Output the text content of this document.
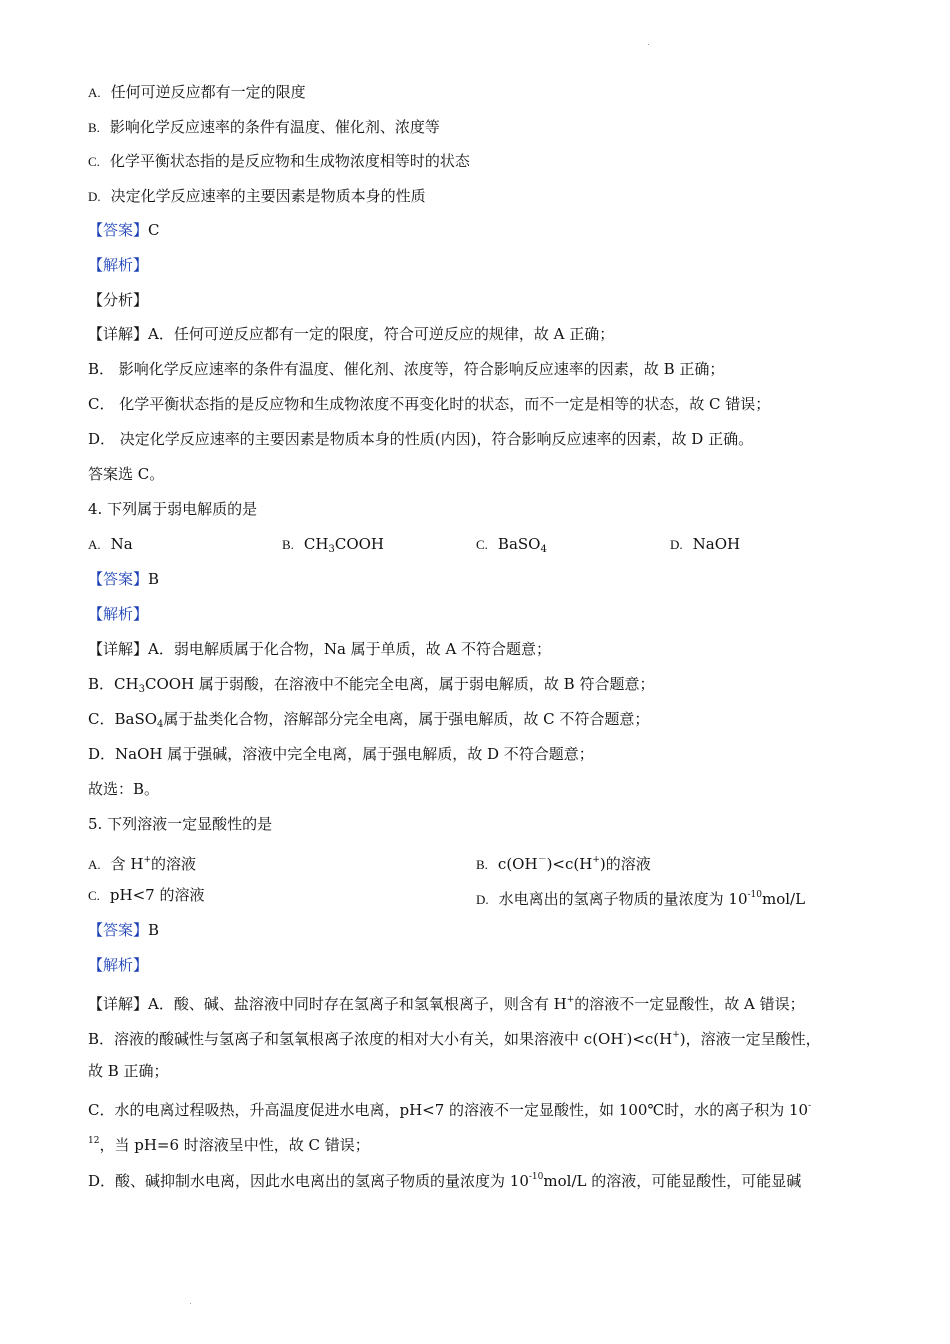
A. 任何可逆反应都有一定的限度
B. 影响化学反应速率的条件有温度、催化剂、浓度等
C. 化学平衡状态指的是反应物和生成物浓度相等时的状态
D. 决定化学反应速率的主要因素是物质本身的性质
【答案】C
【解析】
【分析】
【详解】A．任何可逆反应都有一定的限度，符合可逆反应的规律，故 A 正确；
B． 影响化学反应速率的条件有温度、催化剂、浓度等，符合影响反应速率的因素，故 B 正确；
C． 化学平衡状态指的是反应物和生成物浓度不再变化时的状态，而不一定是相等的状态，故 C 错误；
D． 决定化学反应速率的主要因素是物质本身的性质(内因)，符合影响反应速率的因素，故 D 正确。
答案选 C。
4. 下列属于弱电解质的是
A. Na	B. $CH_3COOH$	C. BaSO$_4$	D. NaOH
【答案】B
【解析】
【详解】A．弱电解质属于化合物，Na 属于单质，故 A 不符合题意；
B．$CH_3COOH$ 属于弱酸，在溶液中不能完全电离，属于弱电解质，故 B 符合题意；
C．BaSO$_4$属于盐类化合物，溶解部分完全电离，属于强电解质，故 C 不符合题意；
D．NaOH 属于强碱，溶液中完全电离，属于强电解质，故 D 不符合题意；
故选：B。
5. 下列溶液一定显酸性的是
A. 含 H+的溶液	B. c(OH－)<c(H+)的溶液
C. pH<7 的溶液	D. 水电离出的氢离子物质的量浓度为 $10^{-10}mol/L$
【答案】B
【解析】
【详解】A．酸、碱、盐溶液中同时存在氢离子和氢氧根离子，则含有 H+的溶液不一定显酸性，故 A 错误；
B．溶液的酸碱性与氢离子和氢氧根离子浓度的相对大小有关，如果溶液中 c(OH-)<c(H+)，溶液一定呈酸性，
故 B 正确；
C．水的电离过程吸热，升高温度促进水电离，pH<7 的溶液不一定显酸性，如 100℃时，水的离子积为 10-
$^{12}$，当 pH=6 时溶液呈中性，故 C 错误；
D．酸、碱抑制水电离，因此水电离出的氢离子物质的量浓度为 $10^{-10}mol/L$ 的溶液，可能显酸性，可能显碱
